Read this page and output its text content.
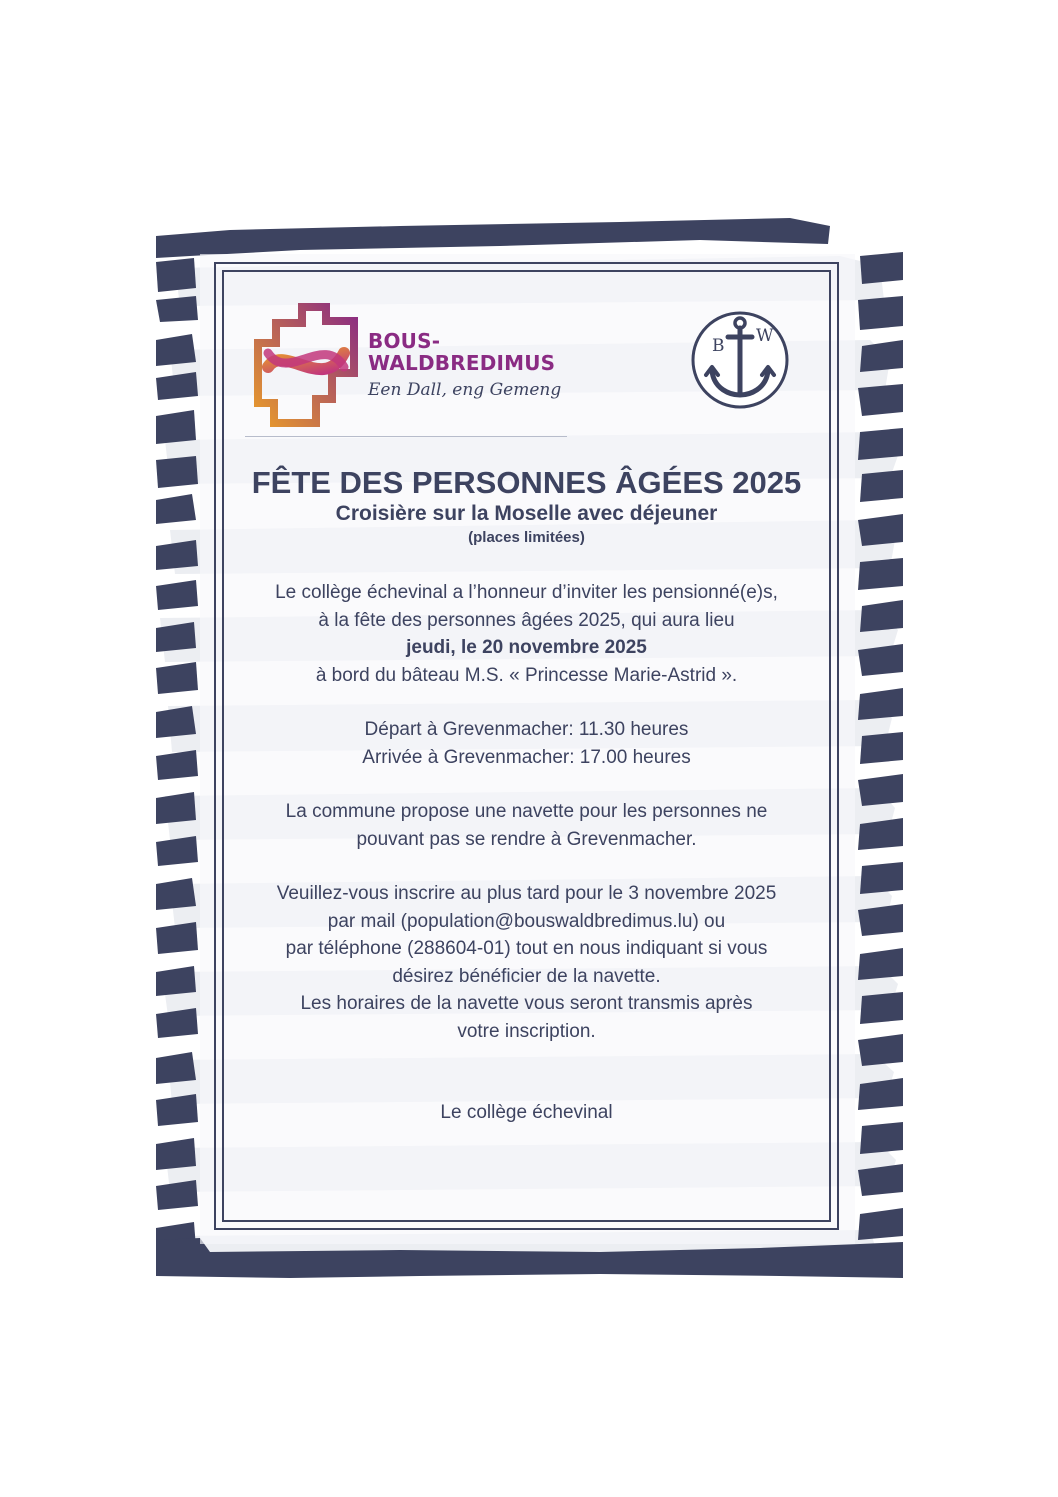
BOUS-
WALDBREDIMUS
Een Dall, eng Gemeng
B W
FÊTE DES PERSONNES ÂGÉES 2025
Croisière sur la Moselle avec déjeuner
(places limitées)
Le collège échevinal a l’honneur d’inviter les pensionné(e)s,
à la fête des personnes âgées 2025, qui aura lieu
jeudi, le 20 novembre 2025
à bord du bâteau M.S. « Princesse Marie-Astrid ».
Départ à Grevenmacher: 11.30 heures
Arrivée à Grevenmacher: 17.00 heures
La commune propose une navette pour les personnes ne
pouvant pas se rendre à Grevenmacher.
Veuillez-vous inscrire au plus tard pour le 3 novembre 2025
par mail (population@bouswaldbredimus.lu) ou
par téléphone (288604-01) tout en nous indiquant si vous
désirez bénéficier de la navette.
Les horaires de la navette vous seront transmis après
votre inscription.
Le collège échevinal
